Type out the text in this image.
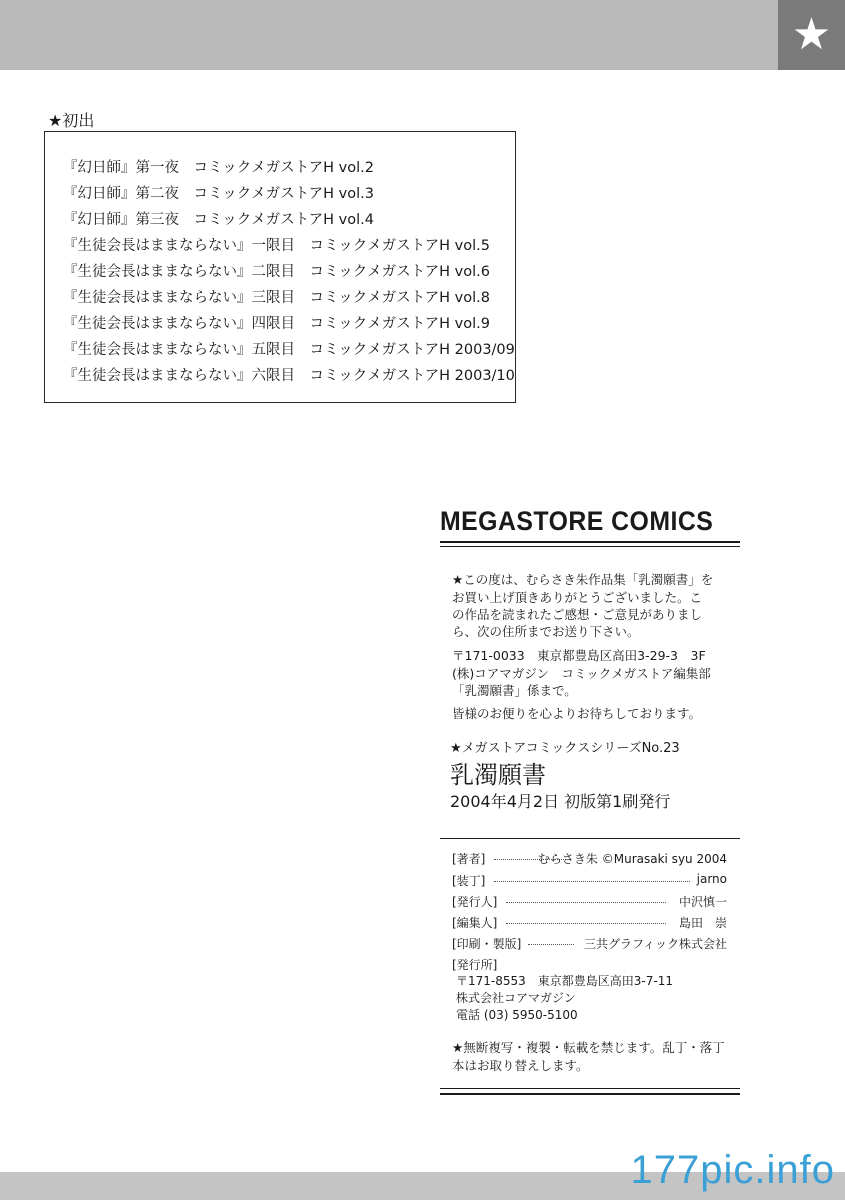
★
★初出
『幻日師』第一夜　 コミックメガストアH vol.2
『幻日師』第二夜　 コミックメガストアH vol.3
『幻日師』第三夜　 コミックメガストアH vol.4
『生徒会長はままならない』一限目　 コミックメガストアH vol.5
『生徒会長はままならない』二限目　 コミックメガストアH vol.6
『生徒会長はままならない』三限目　 コミックメガストアH vol.8
『生徒会長はままならない』四限目　 コミックメガストアH vol.9
『生徒会長はままならない』五限目　 コミックメガストアH 2003/09
『生徒会長はままならない』六限目　 コミックメガストアH 2003/10
MEGASTORE COMICS
★この度は、むらさき朱作品集「乳濁願書」を
お買い上げ頂きありがとうございました。こ
の作品を読まれたご感想・ご意見がありまし
ら、次の住所までお送り下さい。
〒171-0033　東京都豊島区高田3-29-3　3F
(株)コアマガジン　コミックメガストア編集部
「乳濁願書」係まで。
皆様のお便りを心よりお待ちしております。
★メガストアコミックスシリーズNo.23
乳濁願書
2004年4月2日 初版第1刷発行
[著者]	むらさき朱 ©Murasaki syu 2004
[装丁]	jarno
[発行人]	中沢慎一
[編集人]	島田　崇
[印刷・製版]	三共グラフィック株式会社
[発行所]
〒171-8553　東京都豊島区高田3-7-11
株式会社コアマガジン
電話 (03) 5950-5100
★無断複写・複製・転載を禁じます。乱丁・落丁
本はお取り替えします。
177pic.info
